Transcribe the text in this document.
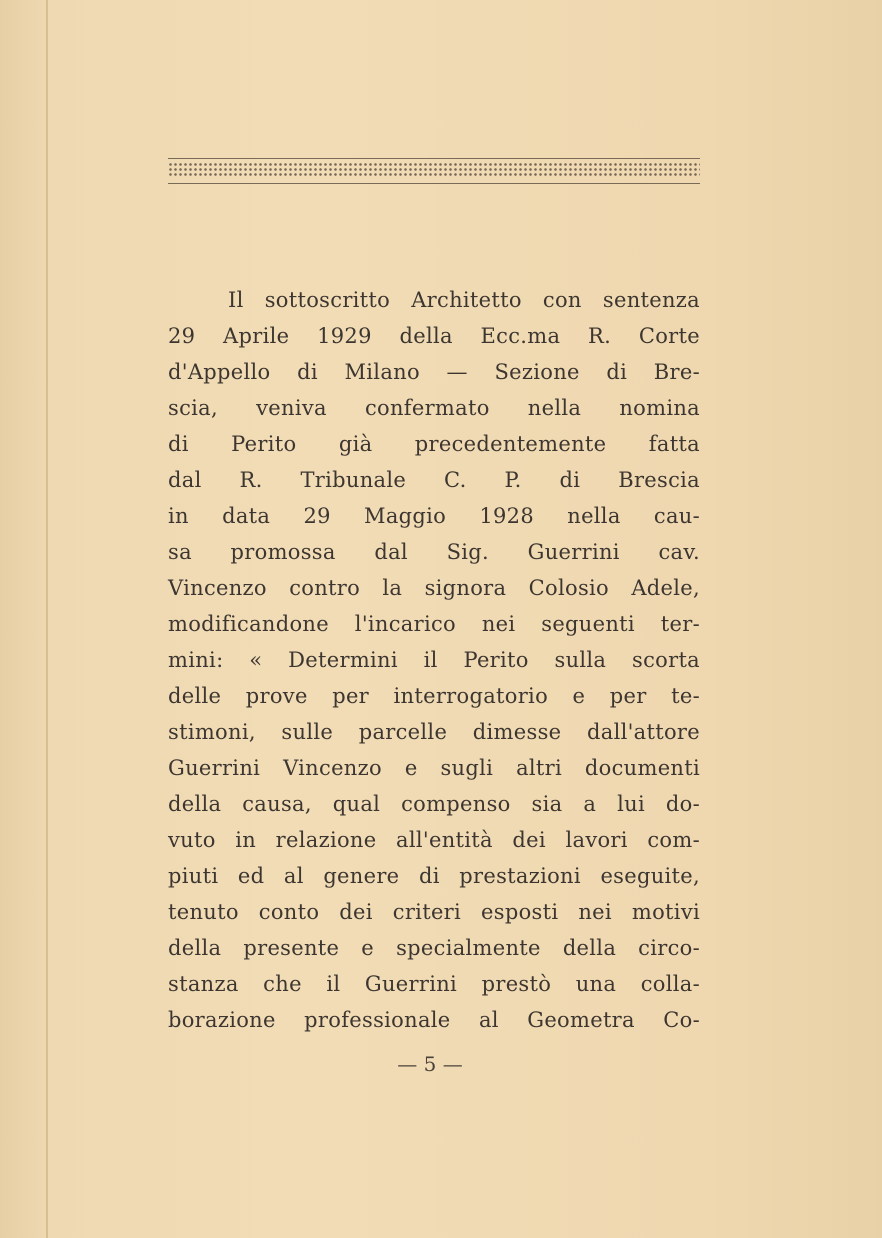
Il sottoscritto Architetto con sentenza
29 Aprile 1929 della Ecc.ma R. Corte
d'Appello di Milano — Sezione di Bre-
scia, veniva confermato nella nomina
di Perito già precedentemente fatta
dal R. Tribunale C. P. di Brescia
in data 29 Maggio 1928 nella cau-
sa promossa dal Sig. Guerrini cav.
Vincenzo contro la signora Colosio Adele,
modificandone l'incarico nei seguenti ter-
mini: « Determini il Perito sulla scorta
delle prove per interrogatorio e per te-
stimoni, sulle parcelle dimesse dall'attore
Guerrini Vincenzo e sugli altri documenti
della causa, qual compenso sia a lui do-
vuto in relazione all'entità dei lavori com-
piuti ed al genere di prestazioni eseguite,
tenuto conto dei criteri esposti nei motivi
della presente e specialmente della circo-
stanza che il Guerrini prestò una colla-
borazione professionale al Geometra Co-
— 5 —
